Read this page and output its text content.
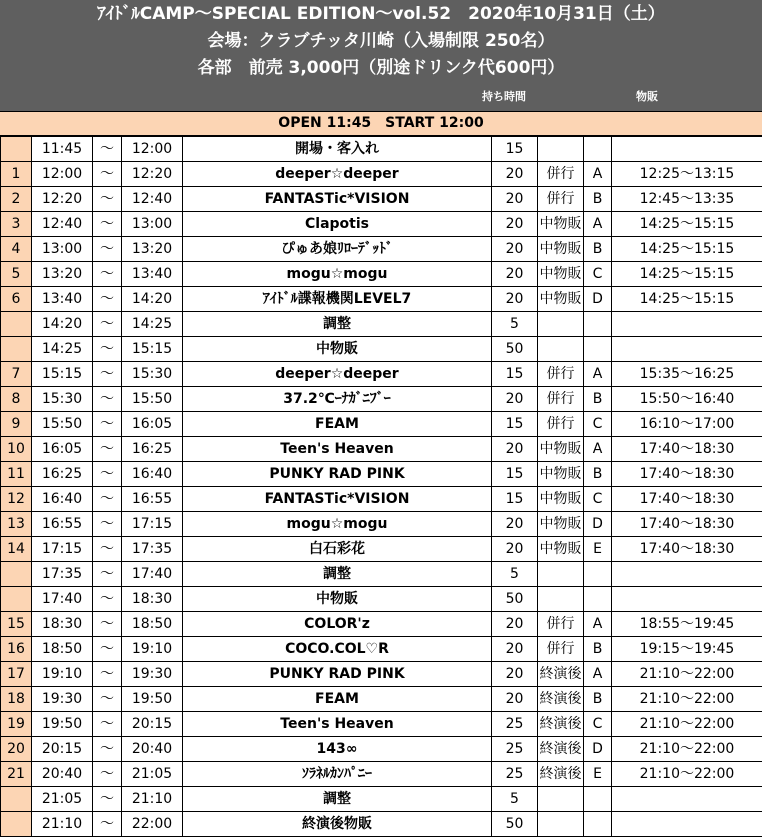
ｱｲﾄﾞﾙCAMP～SPECIAL EDITION～vol.52　2020年10月31日（土）
会場：クラブチッタ川崎（入場制限 250名）
各部　前売 3,000円（別途ドリンク代600円）
持ち時間	物販
OPEN 11:45　START 12:00
	11:45	～	12:00	開場・客入れ	15			
1	12:00	～	12:20	deeper☆deeper	20	併行	A	12:25～13:15
2	12:20	～	12:40	FANTASTic*VISION	20	併行	B	12:45～13:35
3	12:40	～	13:00	Clapotis	20	中物販	A	14:25～15:15
4	13:00	～	13:20	ぴゅあ娘ﾘﾛｰﾃﾞｯﾄﾞ	20	中物販	B	14:25～15:15
5	13:20	～	13:40	mogu☆mogu	20	中物販	C	14:25～15:15
6	13:40	～	14:20	ｱｲﾄﾞﾙ諜報機関LEVEL7	20	中物販	D	14:25～15:15
	14:20	～	14:25	調整	5			
	14:25	～	15:15	中物販	50			
7	15:15	～	15:30	deeper☆deeper	15	併行	A	15:35～16:25
8	15:30	～	15:50	37.2℃ｰﾅｶﾞﾆﾌﾞｰ	20	併行	B	15:50～16:40
9	15:50	～	16:05	FEAM	15	併行	C	16:10～17:00
10	16:05	～	16:25	Teen's Heaven	20	中物販	A	17:40～18:30
11	16:25	～	16:40	PUNKY RAD PINK	15	中物販	B	17:40～18:30
12	16:40	～	16:55	FANTASTic*VISION	15	中物販	C	17:40～18:30
13	16:55	～	17:15	mogu☆mogu	20	中物販	D	17:40～18:30
14	17:15	～	17:35	白石彩花	20	中物販	E	17:40～18:30
	17:35	～	17:40	調整	5			
	17:40	～	18:30	中物販	50			
15	18:30	～	18:50	COLOR'z	20	併行	A	18:55～19:45
16	18:50	～	19:10	COCO.COL♡R	20	併行	B	19:15～19:45
17	19:10	～	19:30	PUNKY RAD PINK	20	終演後	A	21:10～22:00
18	19:30	～	19:50	FEAM	20	終演後	B	21:10～22:00
19	19:50	～	20:15	Teen's Heaven	25	終演後	C	21:10～22:00
20	20:15	～	20:40	143∞	25	終演後	D	21:10～22:00
21	20:40	～	21:05	ｿﾗﾈﾙｶﾝﾊﾟﾆｰ	25	終演後	E	21:10～22:00
	21:05	～	21:10	調整	5			
	21:10	～	22:00	終演後物販	50			
